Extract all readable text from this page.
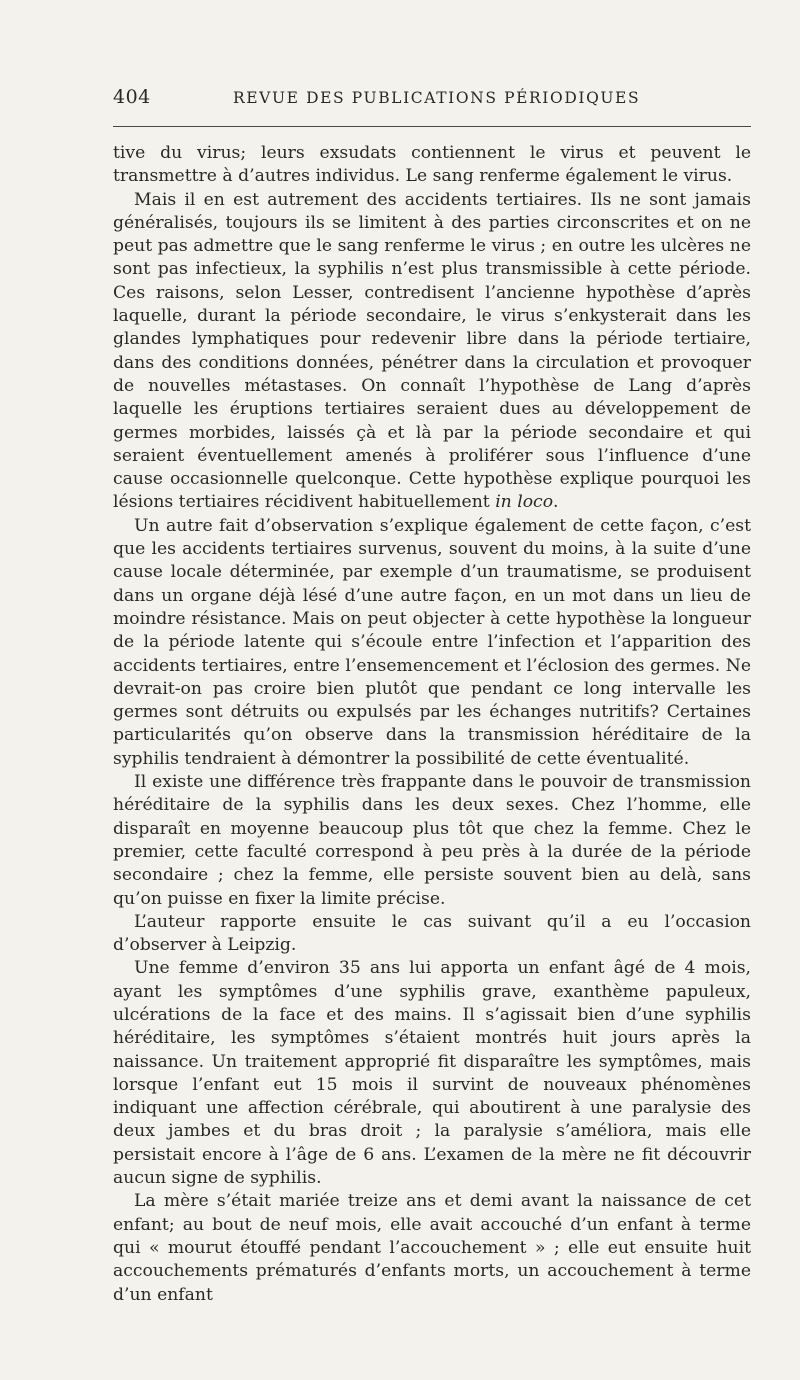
404	REVUE DES PUBLICATIONS PÉRIODIQUES

tive du virus; leurs exsudats contiennent le virus et peuvent le transmettre à d’autres individus. Le sang renferme également le virus.

Mais il en est autrement des accidents tertiaires. Ils ne sont jamais généralisés, toujours ils se limitent à des parties circonscrites et on ne peut pas admettre que le sang renferme le virus ; en outre les ulcères ne sont pas infectieux, la syphilis n’est plus transmissible à cette période. Ces raisons, selon Lesser, contredisent l’ancienne hypothèse d’après laquelle, durant la période secondaire, le virus s’enkysterait dans les glandes lymphatiques pour redevenir libre dans la période tertiaire, dans des conditions données, pénétrer dans la circulation et provoquer de nouvelles métastases. On connaît l’hypothèse de Lang d’après laquelle les éruptions tertiaires seraient dues au développement de germes morbides, laissés çà et là par la période secondaire et qui seraient éventuellement amenés à proliférer sous l’influence d’une cause occasionnelle quelconque. Cette hypothèse explique pourquoi les lésions tertiaires récidivent habituellement in loco.

Un autre fait d’observation s’explique également de cette façon, c’est que les accidents tertiaires survenus, souvent du moins, à la suite d’une cause locale déterminée, par exemple d’un traumatisme, se produisent dans un organe déjà lésé d’une autre façon, en un mot dans un lieu de moindre résistance. Mais on peut objecter à cette hypothèse la longueur de la période latente qui s’écoule entre l’infection et l’apparition des accidents tertiaires, entre l’ensemencement et l’éclosion des germes. Ne devrait-on pas croire bien plutôt que pendant ce long intervalle les germes sont détruits ou expulsés par les échanges nutritifs? Certaines particularités qu’on observe dans la transmission héréditaire de la syphilis tendraient à démontrer la possibilité de cette éventualité.

Il existe une différence très frappante dans le pouvoir de transmission héréditaire de la syphilis dans les deux sexes. Chez l’homme, elle disparaît en moyenne beaucoup plus tôt que chez la femme. Chez le premier, cette faculté correspond à peu près à la durée de la période secondaire ; chez la femme, elle persiste souvent bien au delà, sans qu’on puisse en fixer la limite précise.

L’auteur rapporte ensuite le cas suivant qu’il a eu l’occasion d’observer à Leipzig.

Une femme d’environ 35 ans lui apporta un enfant âgé de 4 mois, ayant les symptômes d’une syphilis grave, exanthème papuleux, ulcérations de la face et des mains. Il s’agissait bien d’une syphilis héréditaire, les symptômes s’étaient montrés huit jours après la naissance. Un traitement approprié fit disparaître les symptômes, mais lorsque l’enfant eut 15 mois il survint de nouveaux phénomènes indiquant une affection cérébrale, qui aboutirent à une paralysie des deux jambes et du bras droit ; la paralysie s’améliora, mais elle persistait encore à l’âge de 6 ans. L’examen de la mère ne fit découvrir aucun signe de syphilis.

La mère s’était mariée treize ans et demi avant la naissance de cet enfant; au bout de neuf mois, elle avait accouché d’un enfant à terme qui « mourut étouffé pendant l’accouchement » ; elle eut ensuite huit accouchements prématurés d’enfants morts, un accouchement à terme d’un enfant
